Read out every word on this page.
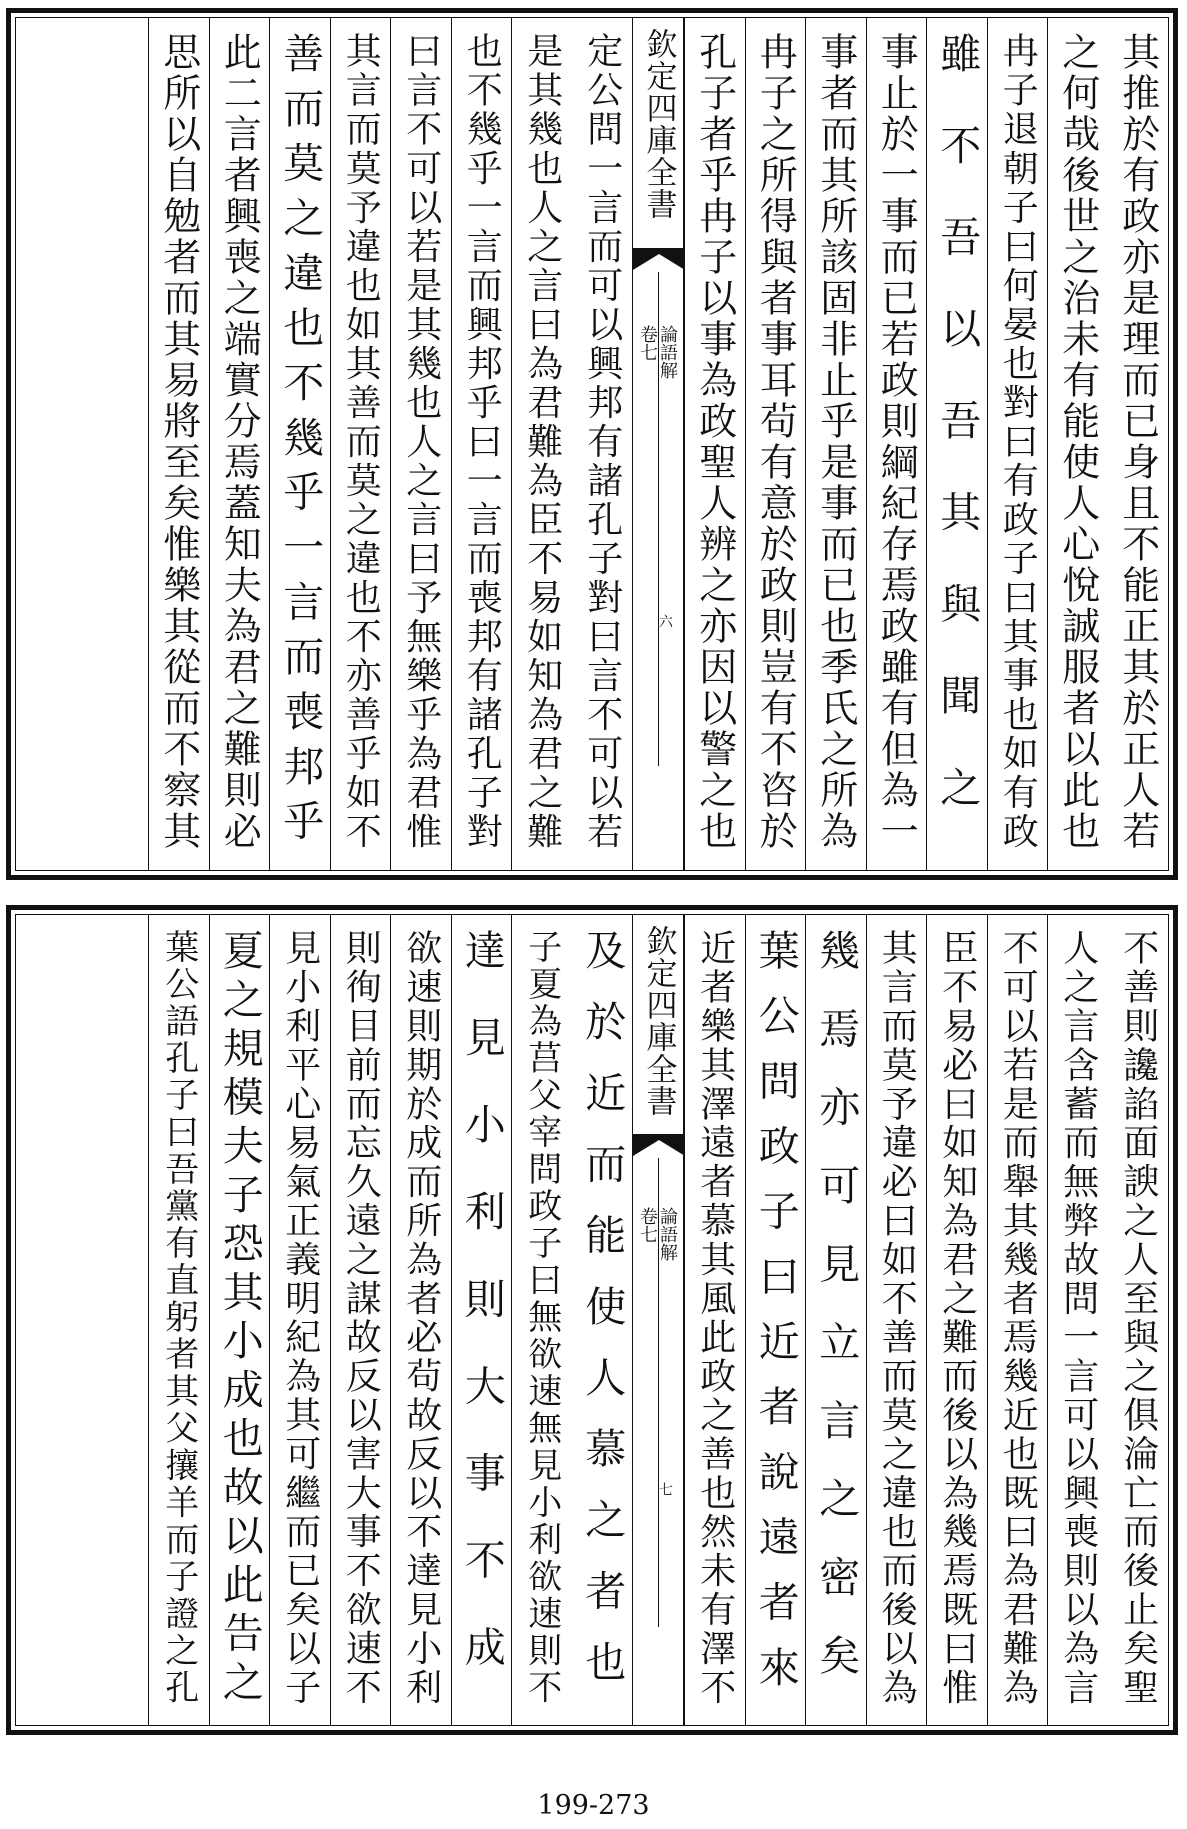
其推於有政亦是理而已身且不能正其於正人若
之何哉後世之治未有能使人心悅誠服者以此也
冉子退朝子曰何晏也對曰有政子曰其事也如有政
雖不吾以吾其與聞之
事止於一事而已若政則綱紀存焉政雖有但為一
事者而其所該固非止乎是事而已也季氏之所為
冉子之所得與者事耳茍有意於政則豈有不咨於
孔子者乎冉子以事為政聖人辨之亦因以警之也
欽定四庫全書
論語解
卷七
六
定公問一言而可以興邦有諸孔子對曰言不可以若
是其幾也人之言曰為君難為臣不易如知為君之難
也不幾乎一言而興邦乎曰一言而喪邦有諸孔子對
曰言不可以若是其幾也人之言曰予無樂乎為君惟
其言而莫予違也如其善而莫之違也不亦善乎如不
善而莫之違也不幾乎一言而喪邦乎
此二言者興喪之端實分焉蓋知夫為君之難則必
思所以自勉者而其易將至矣惟樂其從而不察其
不善則讒諂面諛之人至與之俱淪亡而後止矣聖
人之言含蓄而無弊故問一言可以興喪則以為言
不可以若是而舉其幾者焉幾近也既曰為君難為
臣不易必曰如知為君之難而後以為幾焉既曰惟
其言而莫予違必曰如不善而莫之違也而後以為
幾焉亦可見立言之密矣
葉公問政子曰近者說遠者來
近者樂其澤遠者慕其風此政之善也然未有澤不
欽定四庫全書
論語解
卷七
七
及於近而能使人慕之者也
子夏為莒父宰問政子曰無欲速無見小利欲速則不
達見小利則大事不成
欲速則期於成而所為者必茍故反以不達見小利
則徇目前而忘久遠之謀故反以害大事不欲速不
見小利平心易氣正義明紀為其可繼而已矣以子
夏之規模夫子恐其小成也故以此告之
葉公語孔子曰吾黨有直躬者其父攘羊而子證之孔
199-273
